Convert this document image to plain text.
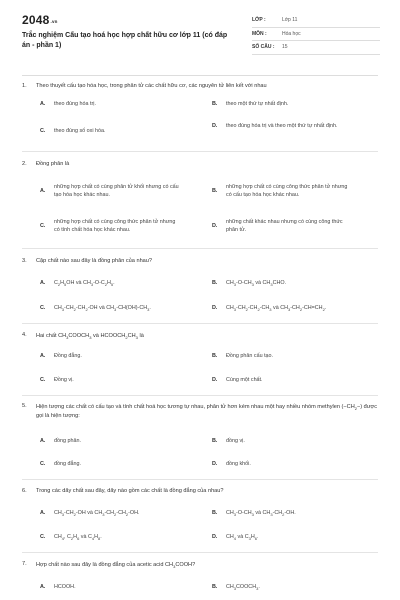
$2048_{.vn}$
Trắc nghiệm Cấu tạo hoá học hợp chất hữu cơ lớp 11 (có đáp án - phần 1)
LỚP :	Lớp 11
MÔN :	Hóa học
SỐ CÂU :	15
1.	Theo thuyết cấu tạo hóa học, trong phân tử các chất hữu cơ, các nguyên tử liên kết với nhau
A.	theo đúng hóa trị.	B.	theo một thứ tự nhất định.
C.	theo đúng số oxi hóa.
D.	theo đúng hóa trị và theo một thứ tự nhất định.
2.	Đồng phân là
A.
những hợp chất có cùng phân tử khối nhưng có cấu tạo hóa học khác nhau.
B.
những hợp chất có cùng công thức phân tử nhưng có cấu tạo hóa học khác nhau.
C.
những hợp chất có cùng công thức phân tử nhưng có tính chất hóa học khác nhau.
D.
những chất khác nhau nhưng có cùng công thức phân tử.
3.	Cặp chất nào sau đây là đồng phân của nhau?
A.	$C_2H_5OH$ và $CH_3-O-C_2H_5$.	B.	$CH_3-O-CH_3$ và $CH_3CHO$.
C.	$CH_3-CH_2-CH_2-OH$ và $CH_3-CH(OH)-CH_3$.	D.	$CH_3-CH_2-CH_2-CH_3$ và $CH_3-CH_2-CH=CH_2$.
4.	Hai chất $CH_3COOCH_3$ và $HCOOCH_2CH_3$ là
A.	Đồng đẳng.	B.	Đồng phân cấu tạo.
C.	Đồng vị.	D.	Cùng một chất.
5.	Hiện tượng các chất có cấu tạo và tính chất hoá học tương tự nhau, phân tử hơn kém nhau một hay nhiều nhóm methylen $(-CH_2-)$ được gọi là hiện tượng:
A.	đồng phân.	B.	đồng vị.
C.	đồng đẳng.	D.	đồng khối.
6.	Trong các dãy chất sau đây, dãy nào gồm các chất là đồng đẳng của nhau?
A.	$CH_3-CH_2-OH$ và $CH_3-CH_2-CH_2-OH$.	B.	$CH_3-O-CH_3$ và $CH_3-CH_2-OH$.
C.	$CH_4$, $C_2H_6$ và $C_4H_8$.	D.	$CH_4$ và $C_3H_6$.
7.	Hợp chất nào sau đây là đồng đẳng của acetic acid $CH_3COOH$?
A.	HCOOH.	B.	$CH_3COOCH_3$.
